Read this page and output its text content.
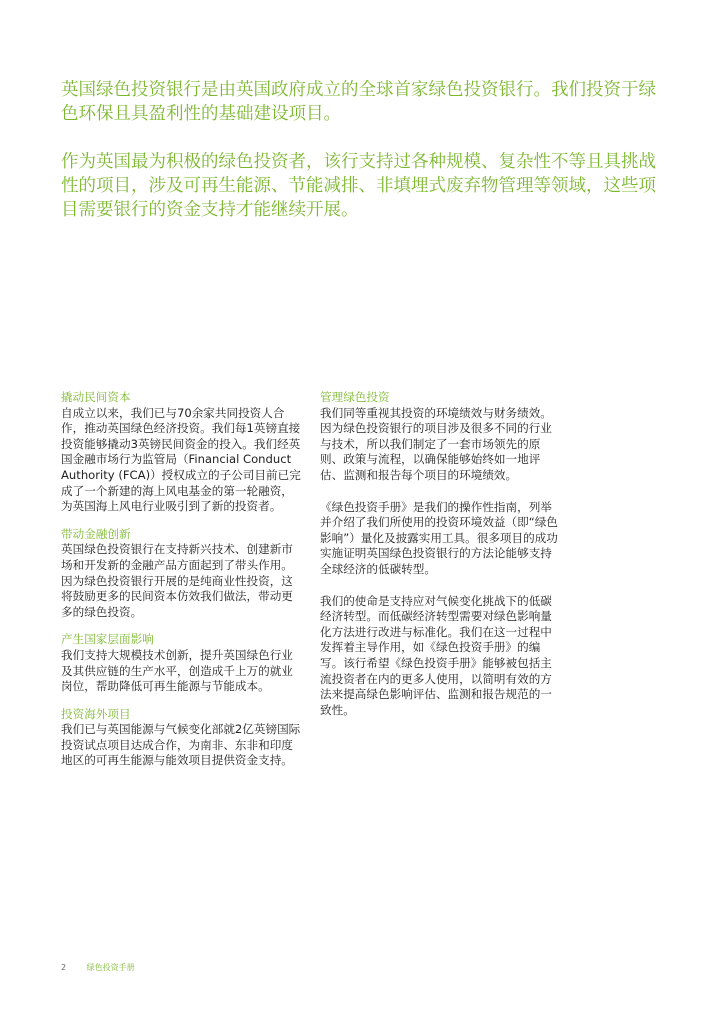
英国绿色投资银行是由英国政府成立的全球首家绿色投资银行。我们投资于绿色环保且具盈利性的基础建设项目。

作为英国最为积极的绿色投资者，该行支持过各种规模、复杂性不等且具挑战性的项目，涉及可再生能源、节能减排、非填埋式废弃物管理等领域，这些项目需要银行的资金支持才能继续开展。

撬动民间资本

自成立以来，我们已与70余家共同投资人合作，推动英国绿色经济投资。我们每1英镑直接投资能够撬动3英镑民间资金的投入。我们经英国金融市场行为监管局（Financial Conduct Authority (FCA)）授权成立的子公司目前已完成了一个新建的海上风电基金的第一轮融资，为英国海上风电行业吸引到了新的投资者。

带动金融创新

英国绿色投资银行在支持新兴技术、创建新市场和开发新的金融产品方面起到了带头作用。因为绿色投资银行开展的是纯商业性投资，这将鼓励更多的民间资本仿效我们做法，带动更多的绿色投资。

产生国家层面影响

我们支持大规模技术创新，提升英国绿色行业及其供应链的生产水平，创造成千上万的就业岗位，帮助降低可再生能源与节能成本。

投资海外项目

我们已与英国能源与气候变化部就2亿英镑国际投资试点项目达成合作，为南非、东非和印度地区的可再生能源与能效项目提供资金支持。

管理绿色投资

我们同等重视其投资的环境绩效与财务绩效。因为绿色投资银行的项目涉及很多不同的行业与技术，所以我们制定了一套市场领先的原则、政策与流程，以确保能够始终如一地评估、监测和报告每个项目的环境绩效。

《绿色投资手册》是我们的操作性指南，列举并介绍了我们所使用的投资环境效益（即“绿色影响”）量化及披露实用工具。很多项目的成功实施证明英国绿色投资银行的方法论能够支持全球经济的低碳转型。

我们的使命是支持应对气候变化挑战下的低碳经济转型。而低碳经济转型需要对绿色影响量化方法进行改进与标准化。我们在这一过程中发挥着主导作用，如《绿色投资手册》的编写。该行希望《绿色投资手册》能够被包括主流投资者在内的更多人使用，以简明有效的方法来提高绿色影响评估、监测和报告规范的一致性。

2	绿色投资手册
